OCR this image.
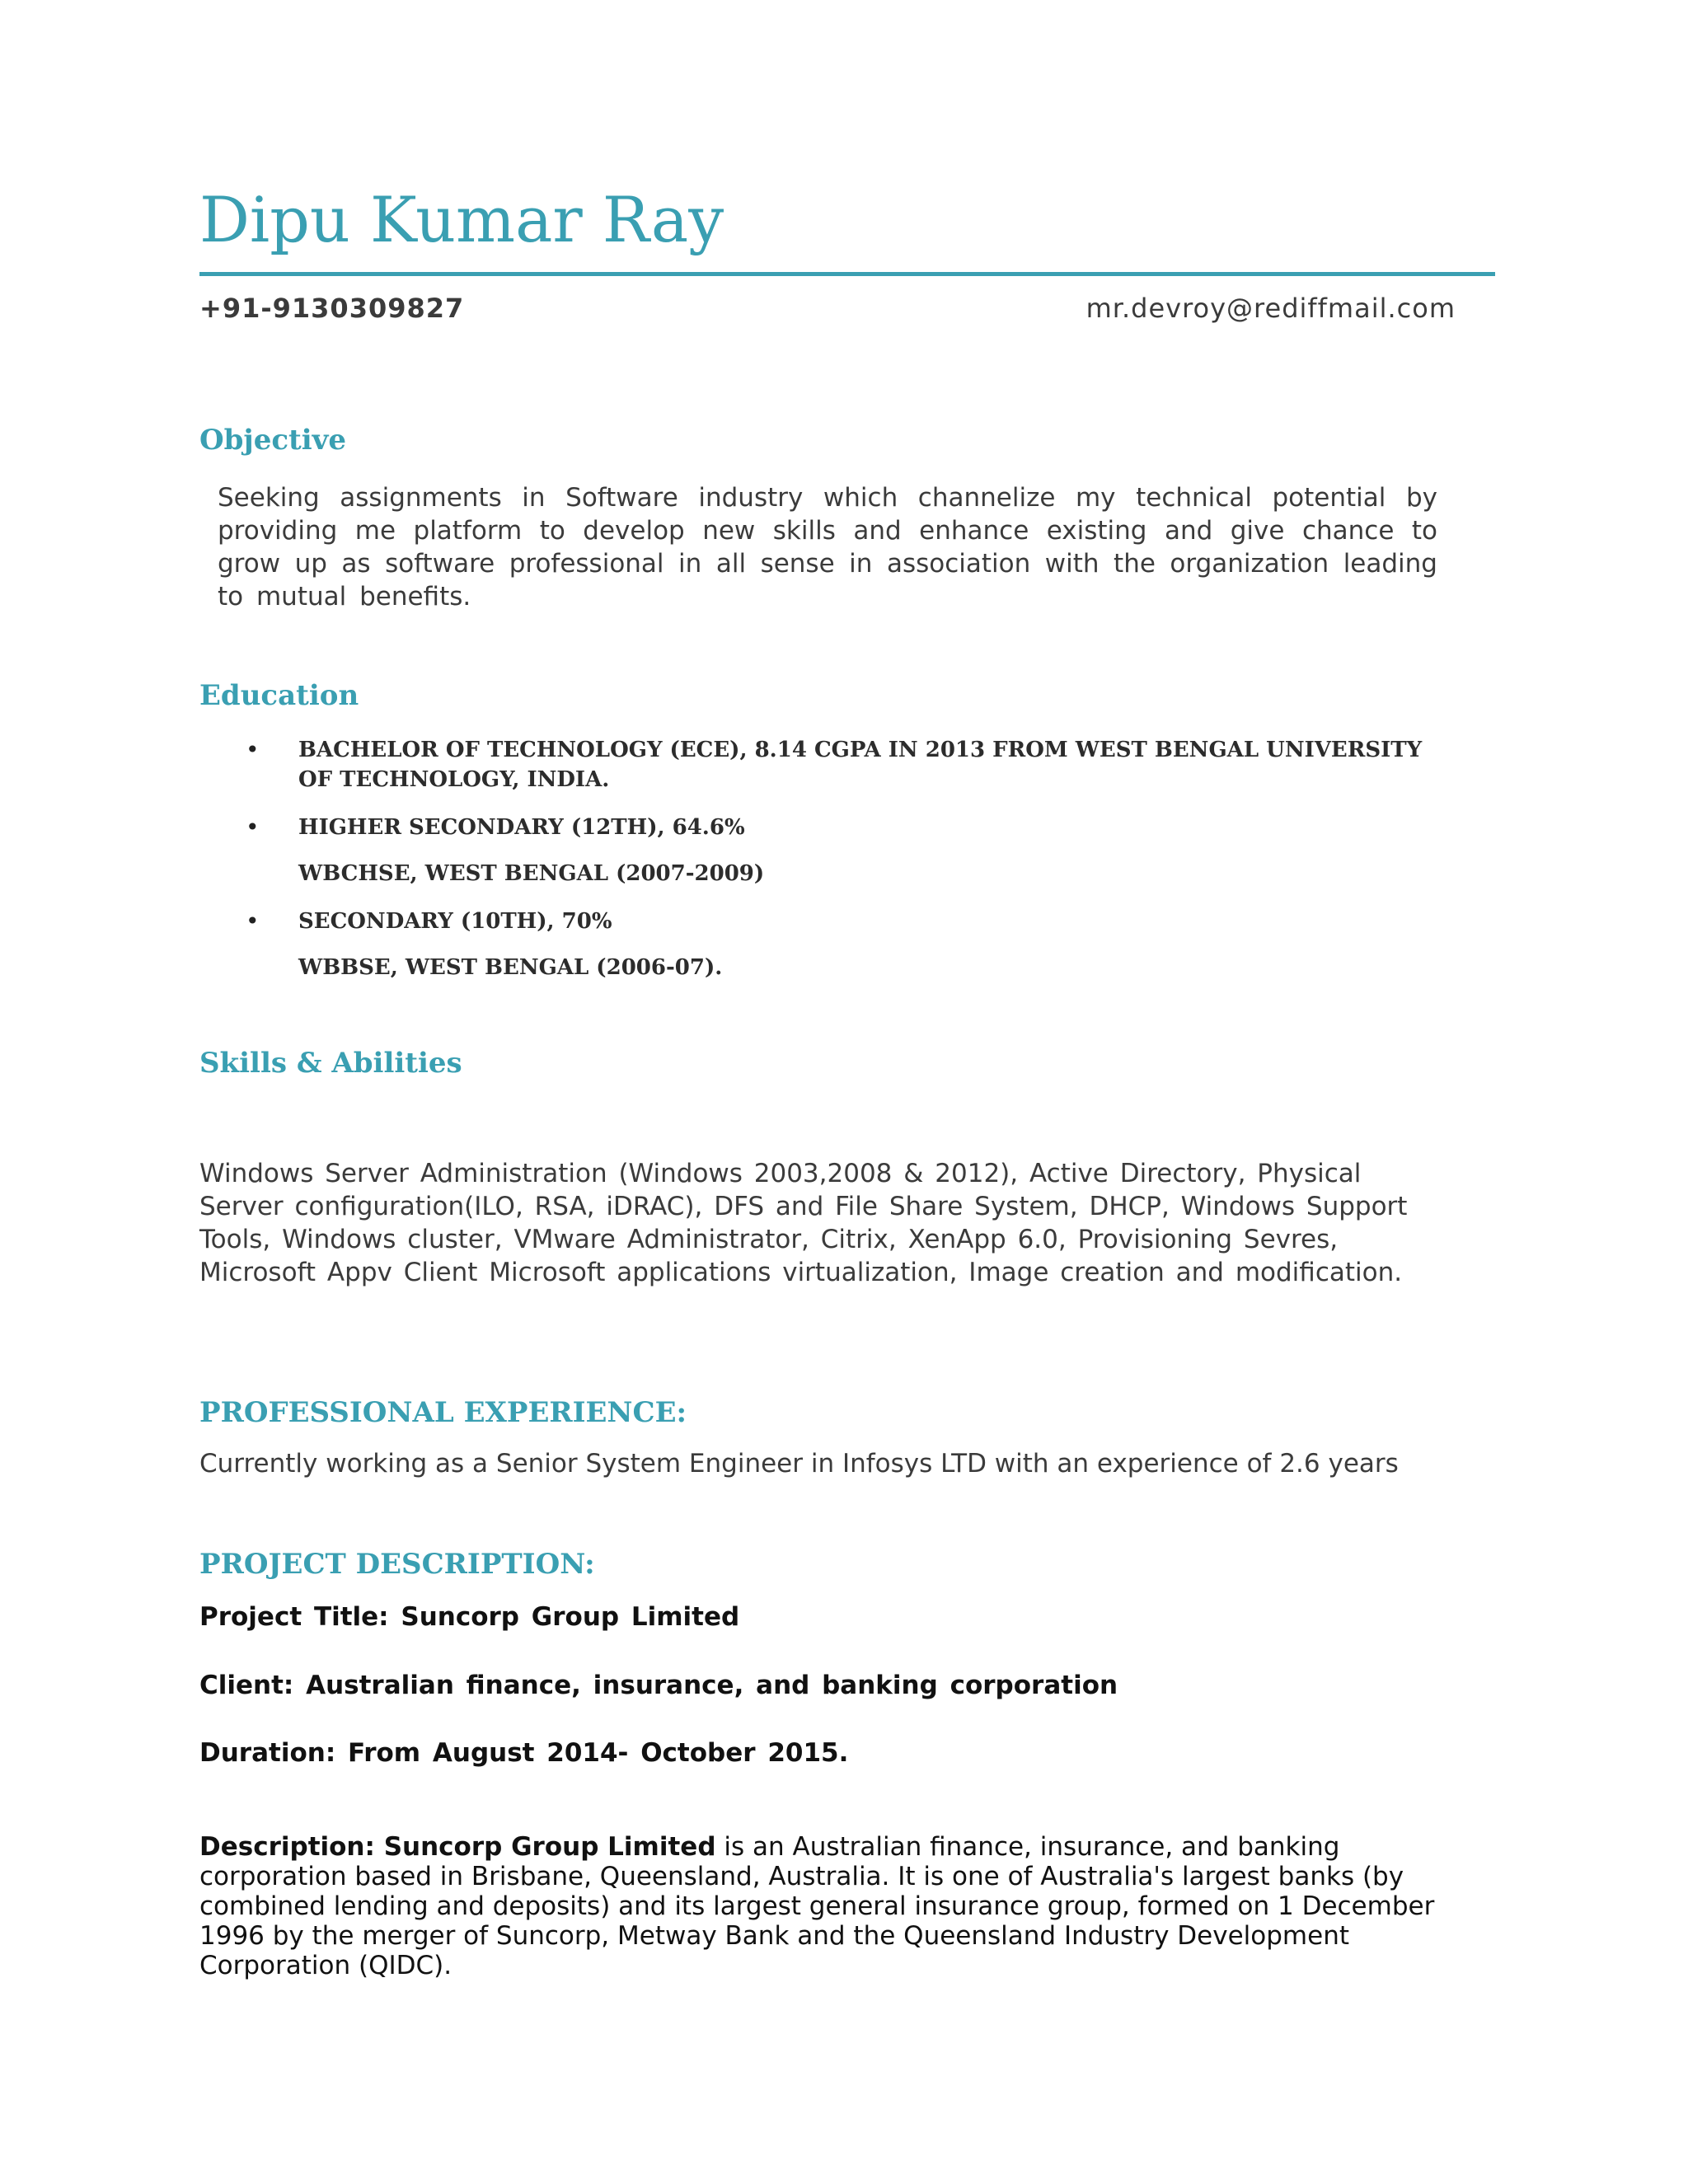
Dipu Kumar Ray
+91-9130309827	mr.devroy@rediffmail.com
Objective

Seeking assignments in Software industry which channelize my technical potential by providing me platform to develop new skills and enhance existing and give chance to grow up as software professional in all sense in association with the organization leading to mutual benefits.

Education
• BACHELOR OF TECHNOLOGY (ECE), 8.14 CGPA IN 2013 FROM WEST BENGAL UNIVERSITY OF TECHNOLOGY, INDIA.
• HIGHER SECONDARY (12TH), 64.6%
WBCHSE, WEST BENGAL (2007-2009)
• SECONDARY (10TH), 70%
WBBSE, WEST BENGAL (2006-07).
Skills & Abilities

Windows Server Administration (Windows 2003,2008 & 2012), Active Directory, Physical Server configuration(ILO, RSA, iDRAC), DFS and File Share System, DHCP, Windows Support Tools, Windows cluster, VMware Administrator, Citrix, XenApp 6.0, Provisioning Sevres, Microsoft Appv Client Microsoft applications virtualization, Image creation and modification.

PROFESSIONAL EXPERIENCE:

Currently working as a Senior System Engineer in Infosys LTD with an experience of 2.6 years

PROJECT DESCRIPTION:
Project Title: Suncorp Group Limited
Client: Australian finance, insurance, and banking corporation
Duration: From August 2014- October 2015.

Description: Suncorp Group Limited is an Australian finance, insurance, and banking corporation based in Brisbane, Queensland, Australia. It is one of Australia's largest banks (by combined lending and deposits) and its largest general insurance group, formed on 1 December 1996 by the merger of Suncorp, Metway Bank and the Queensland Industry Development Corporation (QIDC).
